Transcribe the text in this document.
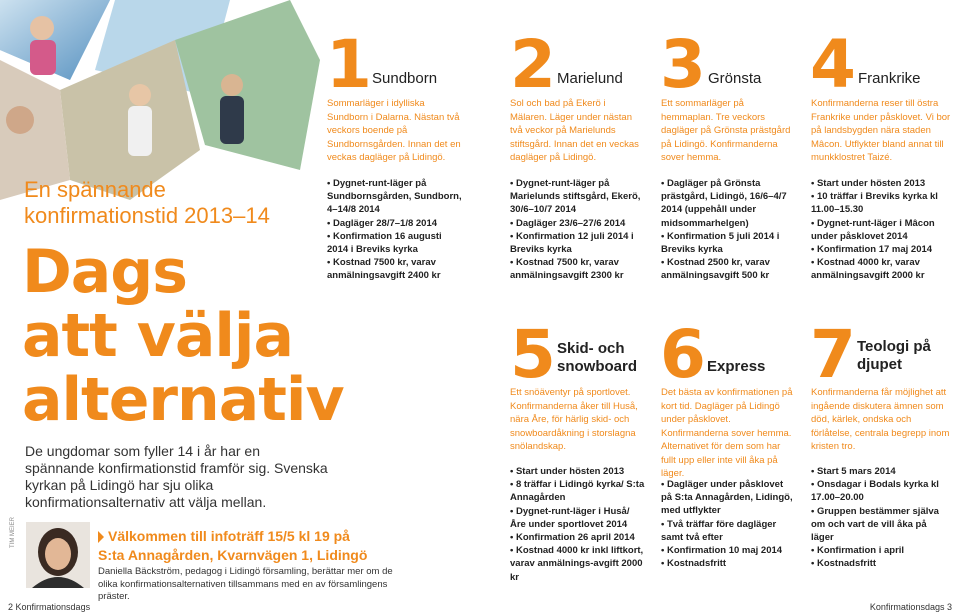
1 Sundborn
Sommarläger i idylliska Sundborn i Dalarna. Nästan två veckors boende på Sundbornsgården. Innan det en veckas dagläger på Lidingö.
• Dygnet-runt-läger på Sundbornsgården, Sundborn, 4–14/8 2014
• Dagläger 28/7–1/8 2014
• Konfirmation 16 augusti 2014 i Breviks kyrka
• Kostnad 7500 kr, varav anmälningsavgift 2400 kr
2 Marielund
Sol och bad på Ekerö i Mälaren. Läger under nästan två veckor på Marielunds stiftsgård. Innan det en veckas dagläger på Lidingö.
• Dygnet-runt-läger på Marielunds stiftsgård, Ekerö, 30/6–10/7 2014
• Dagläger 23/6–27/6 2014
• Konfirmation 12 juli 2014 i Breviks kyrka
• Kostnad 7500 kr, varav anmälningsavgift 2300 kr
3 Grönsta
Ett sommarläger på hemmaplan. Tre veckors dagläger på Grönsta prästgård på Lidingö. Konfirmanderna sover hemma.
• Dagläger på Grönsta prästgård, Lidingö, 16/6–4/7 2014 (uppehåll under midsommarhelgen)
• Konfirmation 5 juli 2014 i Breviks kyrka
• Kostnad 2500 kr, varav anmälningsavgift 500 kr
4 Frankrike
Konfirmanderna reser till östra Frankrike under påsklovet. Vi bor på landsbygden nära staden Mâcon. Utflykter bland annat till munkklostret Taizé.
• Start under hösten 2013
• 10 träffar i Breviks kyrka kl 11.00–15.30
• Dygnet-runt-läger i Mâcon under påsklovet 2014
• Konfirmation 17 maj 2014
• Kostnad 4000 kr, varav anmälningsavgift 2000 kr
En spännande
konfirmationstid 2013–14
Dags
att välja
alternativ
De ungdomar som fyller 14 i år har en spännande konfirmationstid framför sig. Svenska kyrkan på Lidingö har sju olika konfirmationsalternativ att välja mellan.
TIM MEIER	Välkommen till infoträff 15/5 kl 19 på
S:ta Annagården, Kvarnvägen 1, Lidingö
Daniella Bäckström, pedagog i Lidingö församling, berättar mer om de olika konfirmationsalternativen tillsammans med en av församlingens präster.
5 Skid- och snowboard
Ett snöäventyr på sportlovet. Konfirmanderna åker till Huså, nära Åre, för härlig skid- och snowboardåkning i storslagna snölandskap.
• Start under hösten 2013
• 8 träffar i Lidingö kyrka/ S:ta Annagården
• Dygnet-runt-läger i Huså/ Åre under sportlovet 2014
• Konfirmation 26 april 2014
• Kostnad 4000 kr inkl liftkort, varav anmälnings-avgift 2000 kr
6 Express
Det bästa av konfirmationen på kort tid. Dagläger på Lidingö under påsklovet. Konfirmanderna sover hemma. Alternativet för dem som har fullt upp eller inte vill åka på läger.
• Dagläger under påsklovet på S:ta Annagården, Lidingö, med utflykter
• Två träffar före dagläger samt två efter
• Konfirmation 10 maj 2014
• Kostnadsfritt
7 Teologi på djupet
Konfirmanderna får möjlighet att ingående diskutera ämnen som död, kärlek, ondska och förlåtelse, centrala begrepp inom kristen tro.
• Start 5 mars 2014
• Onsdagar i Bodals kyrka kl 17.00–20.00
• Gruppen bestämmer själva om och vart de vill åka på läger
• Konfirmation i april
• Kostnadsfritt
2 Konfirmationsdags	Konfirmationsdags 3
